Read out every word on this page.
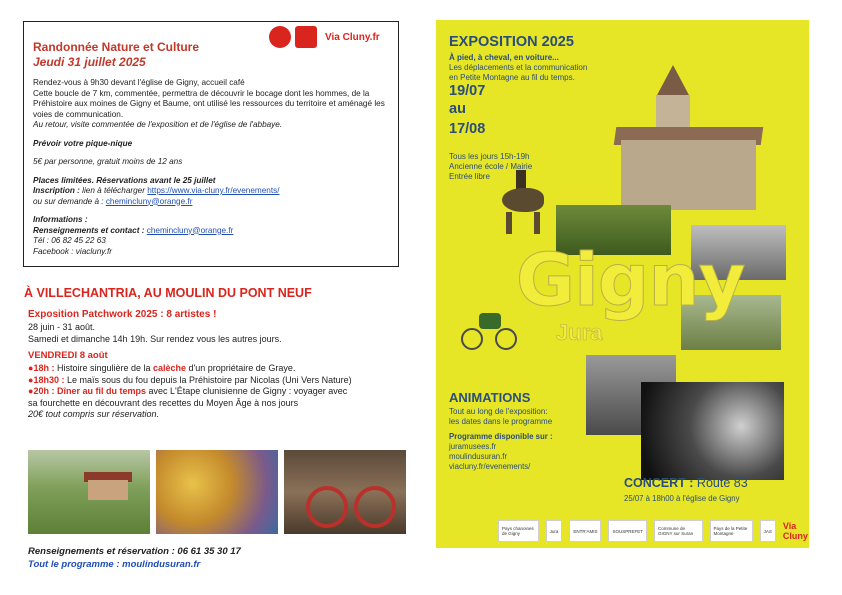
Via Cluny.fr
Randonnée Nature et Culture
Jeudi 31 juillet 2025

Rendez-vous à 9h30 devant l'église de Gigny, accueil café
Cette boucle de 7 km, commentée, permettra de découvrir le bocage dont les hommes, de la
Préhistoire aux moines de Gigny et Baume, ont utilisé les ressources du territoire et aménagé les
voies de communication.
Au retour, visite commentée de l'exposition et de l'église de l'abbaye.

Prévoir votre pique-nique

5€ par personne, gratuit moins de 12 ans

Places limitées. Réservations avant le 25 juillet
Inscription : lien à télécharger https://www.via-cluny.fr/evenements/
ou sur demande à : chemincluny@orange.fr

Informations :
Renseignements et contact : chemincluny@orange.fr
Tél : 06 82 45 22 63
Facebook : viacluny.fr

À VILLECHANTRIA, AU MOULIN DU PONT NEUF
Exposition Patchwork 2025 : 8 artistes !
28 juin - 31 août.
Samedi et dimanche 14h 19h. Sur rendez vous les autres jours.
VENDREDI 8 août
●18h : Histoire singulière de la calèche d'un propriétaire de Graye.
●18h30 : Le maïs sous du fou depuis la Préhistoire par Nicolas (Uni Vers Nature)
●20h : Dîner au fil du temps avec L'Étape clunisienne de Gigny : voyager avec
sa fourchette en découvrant des recettes du Moyen Âge à nos jours
20€ tout compris sur réservation.
Renseignements et réservation : 06 61 35 30 17
Tout le programme : moulindusuran.fr
Gigny
Jura
EXPOSITION 2025
À pied, à cheval, en voiture...
Les déplacements et la communication
en Petite Montagne au fil du temps.
19/07
au
17/08
Tous les jours 15h-19h
Ancienne école / Mairie
Entrée libre
ANIMATIONS
Tout au long de l'exposition:
les dates dans le programme
Programme disponible sur :
juramusees.fr
moulindusuran.fr
viacluny.fr/evenements/
CONCERT : Route 83
25/07 à 18h00 à l'église de Gigny
Pays chanoines de Gigny	Jura	ENTR'AMIS	SOUSPREFET	Commune de GIGNY sur Suran
Pays de la Petite Montagne	JAS	Via Cluny
